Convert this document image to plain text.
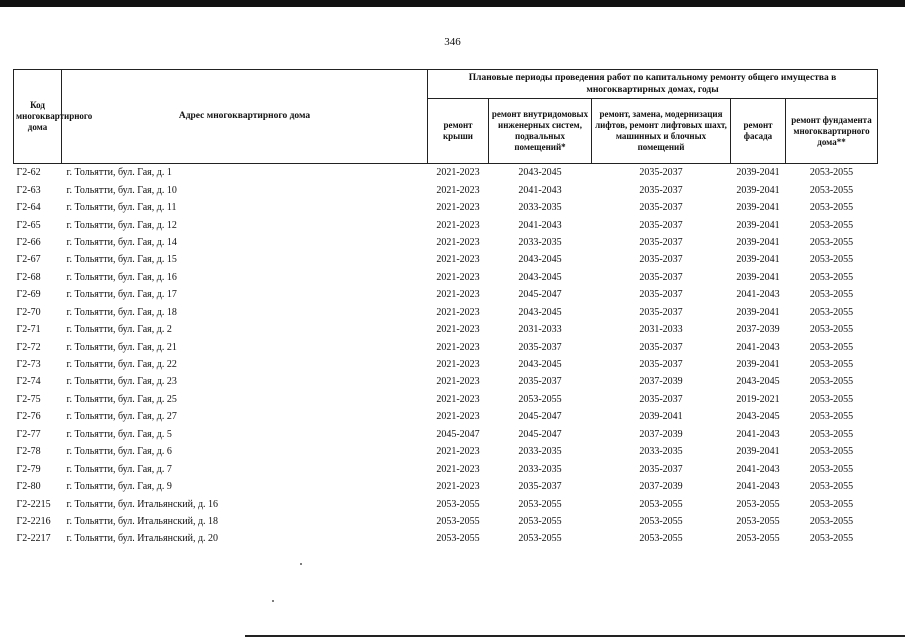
346
Код многоквартирного дома	Адрес многоквартирного дома	Плановые периоды проведения работ по капитальному ремонту общего имущества в многоквартирных домах, годы				
		ремонт крыши	ремонт внутридомовых инженерных систем, подвальных помещений*	ремонт, замена, модернизация лифтов, ремонт лифтовых шахт, машинных и блочных помещений	ремонт фасада	ремонт фундамента многоквартирного дома**
Г2-62	г. Тольятти, бул. Гая, д. 1	2021-2023	2043-2045	2035-2037	2039-2041	2053-2055
Г2-63	г. Тольятти, бул. Гая, д. 10	2021-2023	2041-2043	2035-2037	2039-2041	2053-2055
Г2-64	г. Тольятти, бул. Гая, д. 11	2021-2023	2033-2035	2035-2037	2039-2041	2053-2055
Г2-65	г. Тольятти, бул. Гая, д. 12	2021-2023	2041-2043	2035-2037	2039-2041	2053-2055
Г2-66	г. Тольятти, бул. Гая, д. 14	2021-2023	2033-2035	2035-2037	2039-2041	2053-2055
Г2-67	г. Тольятти, бул. Гая, д. 15	2021-2023	2043-2045	2035-2037	2039-2041	2053-2055
Г2-68	г. Тольятти, бул. Гая, д. 16	2021-2023	2043-2045	2035-2037	2039-2041	2053-2055
Г2-69	г. Тольятти, бул. Гая, д. 17	2021-2023	2045-2047	2035-2037	2041-2043	2053-2055
Г2-70	г. Тольятти, бул. Гая, д. 18	2021-2023	2043-2045	2035-2037	2039-2041	2053-2055
Г2-71	г. Тольятти, бул. Гая, д. 2	2021-2023	2031-2033	2031-2033	2037-2039	2053-2055
Г2-72	г. Тольятти, бул. Гая, д. 21	2021-2023	2035-2037	2035-2037	2041-2043	2053-2055
Г2-73	г. Тольятти, бул. Гая, д. 22	2021-2023	2043-2045	2035-2037	2039-2041	2053-2055
Г2-74	г. Тольятти, бул. Гая, д. 23	2021-2023	2035-2037	2037-2039	2043-2045	2053-2055
Г2-75	г. Тольятти, бул. Гая, д. 25	2021-2023	2053-2055	2035-2037	2019-2021	2053-2055
Г2-76	г. Тольятти, бул. Гая, д. 27	2021-2023	2045-2047	2039-2041	2043-2045	2053-2055
Г2-77	г. Тольятти, бул. Гая, д. 5	2045-2047	2045-2047	2037-2039	2041-2043	2053-2055
Г2-78	г. Тольятти, бул. Гая, д. 6	2021-2023	2033-2035	2033-2035	2039-2041	2053-2055
Г2-79	г. Тольятти, бул. Гая, д. 7	2021-2023	2033-2035	2035-2037	2041-2043	2053-2055
Г2-80	г. Тольятти, бул. Гая, д. 9	2021-2023	2035-2037	2037-2039	2041-2043	2053-2055
Г2-2215	г. Тольятти, бул. Итальянский, д. 16	2053-2055	2053-2055	2053-2055	2053-2055	2053-2055
Г2-2216	г. Тольятти, бул. Итальянский, д. 18	2053-2055	2053-2055	2053-2055	2053-2055	2053-2055
Г2-2217	г. Тольятти, бул. Итальянский, д. 20	2053-2055	2053-2055	2053-2055	2053-2055	2053-2055
